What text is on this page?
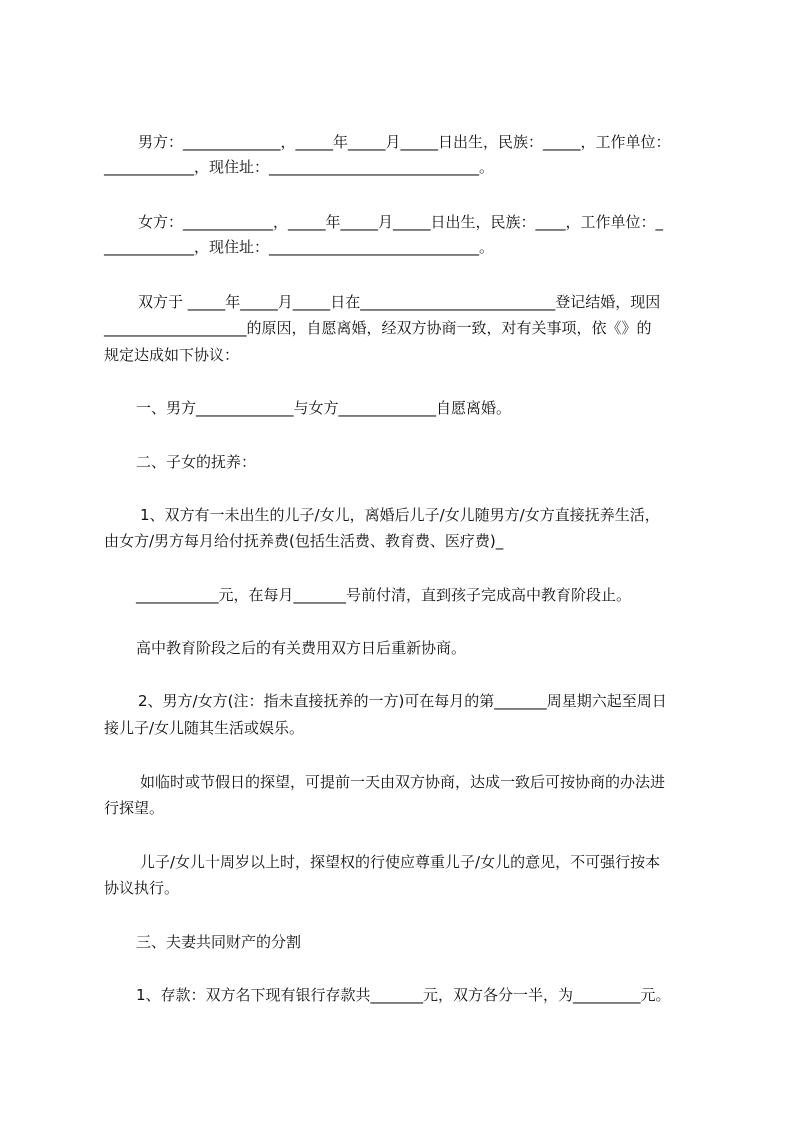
男方：_____________，_____年_____月_____日出生，民族：_____，工作单位：
____________，现住址：____________________________。
女方：____________，_____年_____月_____日出生，民族：____，工作单位：_
____________，现住址：____________________________。
双方于 _____年_____月_____日在__________________________登记结婚，现因
___________________的原因，自愿离婚，经双方协商一致，对有关事项，依《》的
规定达成如下协议：
一、男方_____________与女方_____________自愿离婚。
二、子女的抚养：
1、双方有一未出生的儿子/女儿，离婚后儿子/女儿随男方/女方直接抚养生活，
由女方/男方每月给付抚养费(包括生活费、教育费、医疗费)_
___________元，在每月_______号前付清，直到孩子完成高中教育阶段止。
高中教育阶段之后的有关费用双方日后重新协商。
2、男方/女方(注：指未直接抚养的一方)可在每月的第_______周星期六起至周日
接儿子/女儿随其生活或娱乐。
如临时或节假日的探望，可提前一天由双方协商，达成一致后可按协商的办法进
行探望。
儿子/女儿十周岁以上时，探望权的行使应尊重儿子/女儿的意见，不可强行按本
协议执行。
三、夫妻共同财产的分割
1、存款：双方名下现有银行存款共_______元，双方各分一半，为_________元。
